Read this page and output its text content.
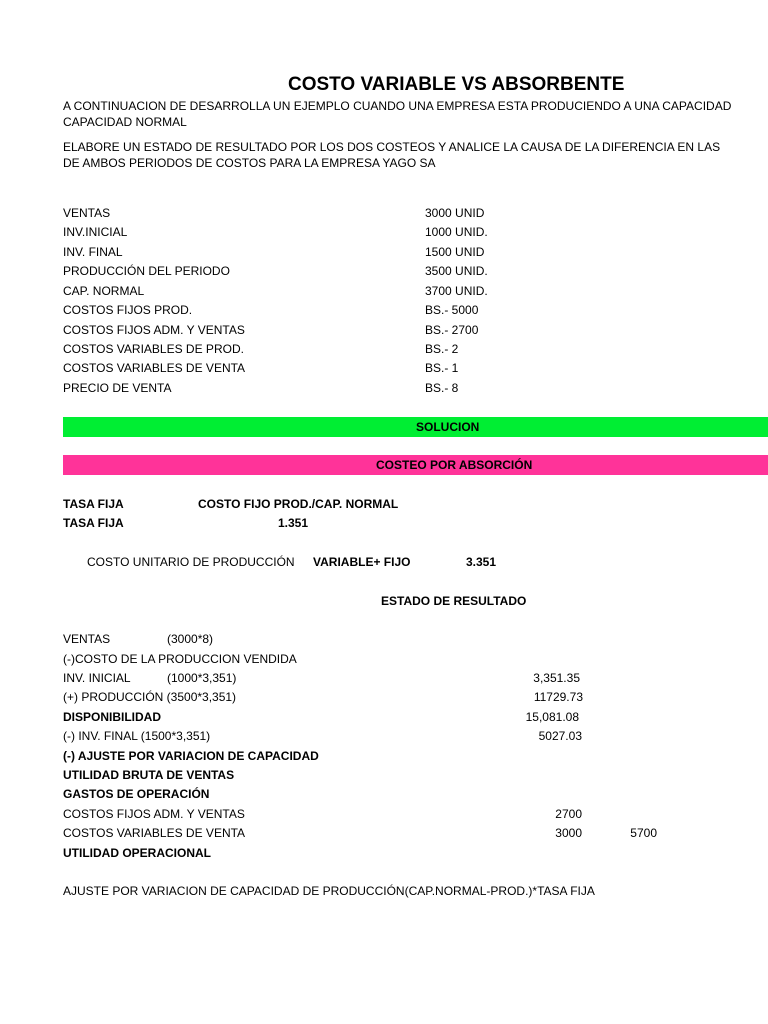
COSTO VARIABLE VS ABSORBENTE
A CONTINUACION DE DESARROLLA UN EJEMPLO CUANDO UNA EMPRESA ESTA PRODUCIENDO A UNA CAPACIDAD
CAPACIDAD NORMAL
ELABORE UN ESTADO DE RESULTADO POR LOS DOS COSTEOS Y ANALICE LA CAUSA DE LA DIFERENCIA EN LAS
DE AMBOS PERIODOS DE COSTOS PARA LA EMPRESA YAGO SA
VENTAS	3000 UNID
INV.INICIAL	1000 UNID.
INV. FINAL	1500 UNID
PRODUCCIÓN DEL PERIODO	3500 UNID.
CAP. NORMAL	3700 UNID.
COSTOS FIJOS PROD.	BS.- 5000
COSTOS FIJOS ADM. Y VENTAS	BS.- 2700
COSTOS VARIABLES DE PROD.	BS.- 2
COSTOS VARIABLES DE VENTA	BS.- 1
PRECIO DE VENTA	BS.- 8
SOLUCION
COSTEO POR ABSORCIÓN
TASA FIJA	COSTO FIJO PROD./CAP. NORMAL
TASA FIJA	1.351
COSTO UNITARIO DE PRODUCCIÓN VARIABLE+ FIJO	3.351
ESTADO DE RESULTADO
VENTAS	(3000*8)
(-)COSTO DE LA PRODUCCION VENDIDA
INV. INICIAL	(1000*3,351)	3,351.35
(+) PRODUCCIÓN (3500*3,351)	11729.73
DISPONIBILIDAD	15,081.08
(-) INV. FINAL (1500*3,351)	5027.03
(-) AJUSTE POR VARIACION DE CAPACIDAD
UTILIDAD BRUTA DE VENTAS
GASTOS DE OPERACIÓN
COSTOS FIJOS ADM. Y VENTAS	2700
COSTOS VARIABLES DE VENTA	3000	5700
UTILIDAD OPERACIONAL
AJUSTE POR VARIACION DE CAPACIDAD DE PRODUCCIÓN(CAP.NORMAL-PROD.)*TASA FIJA
